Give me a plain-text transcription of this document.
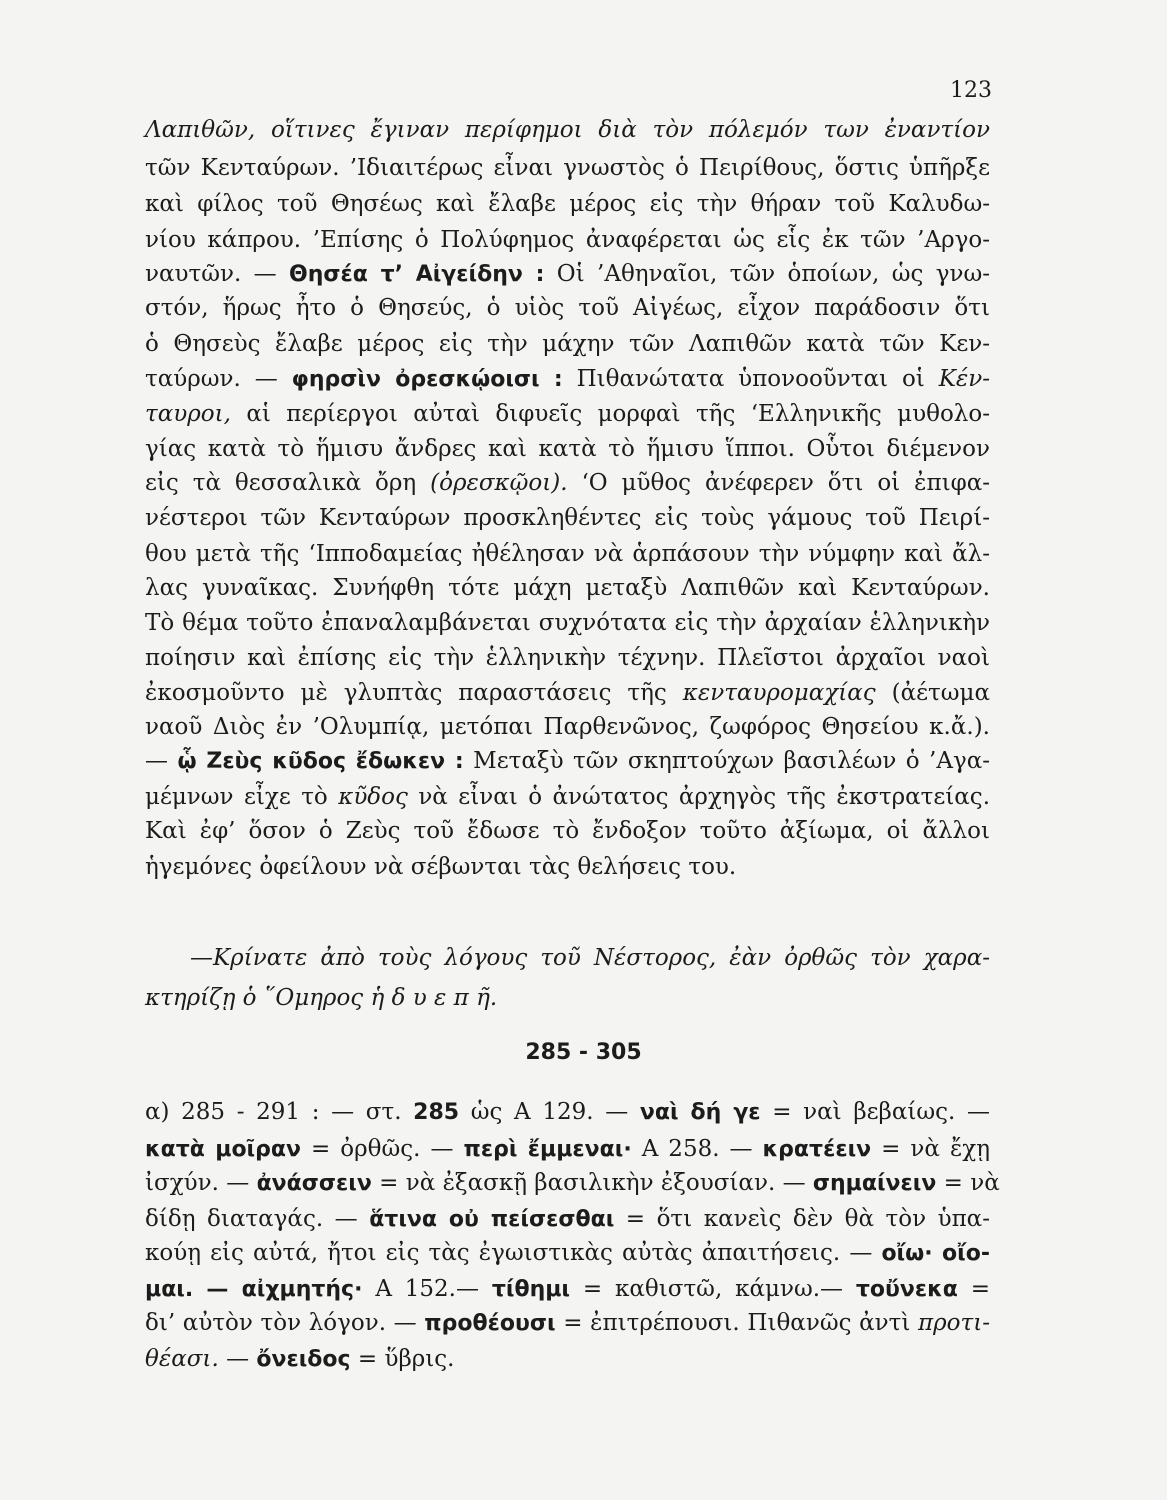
123
Λαπιθῶν, οἵτινες ἔγιναν περίφημοι διὰ τὸν πόλεμόν των ἐναντίον
τῶν Κενταύρων. ’Ιδιαιτέρως εἶναι γνωστὸς ὁ Πειρίθους, ὅστις ὑπῆρξε
καὶ φίλος τοῦ Θησέως καὶ ἔλαβε μέρος εἰς τὴν θήραν τοῦ Καλυδω-
νίου κάπρου. ’Επίσης ὁ Πολύφημος ἀναφέρεται ὡς εἷς ἐκ τῶν ’Αργο-
ναυτῶν. — Θησέα τ’ Αἰγείδην : Οἱ ’Αθηναῖοι, τῶν ὁποίων, ὡς γνω-
στόν, ἥρως ἦτο ὁ Θησεύς, ὁ υἱὸς τοῦ Αἰγέως, εἶχον παράδοσιν ὅτι
ὁ Θησεὺς ἔλαβε μέρος εἰς τὴν μάχην τῶν Λαπιθῶν κατὰ τῶν Κεν-
ταύρων. — φηρσὶν ὀρεσκῴοισι : Πιθανώτατα ὑπονοοῦνται οἱ Κέν-
ταυροι, αἱ περίεργοι αὐταὶ διφυεῖς μορφαὶ τῆς ‘Ελληνικῆς μυθολο-
γίας κατὰ τὸ ἥμισυ ἄνδρες καὶ κατὰ τὸ ἥμισυ ἵπποι. Οὗτοι διέμενον
εἰς τὰ θεσσαλικὰ ὄρη (ὀρεσκῷοι). ‘Ο μῦθος ἀνέφερεν ὅτι οἱ ἐπιφα-
νέστεροι τῶν Κενταύρων προσκληθέντες εἰς τοὺς γάμους τοῦ Πειρί-
θου μετὰ τῆς ‘Ιπποδαμείας ἠθέλησαν νὰ ἁρπάσουν τὴν νύμφην καὶ ἄλ-
λας γυναῖκας. Συνήφθη τότε μάχη μεταξὺ Λαπιθῶν καὶ Κενταύρων.
Τὸ θέμα τοῦτο ἐπαναλαμβάνεται συχνότατα εἰς τὴν ἀρχαίαν ἑλληνικὴν
ποίησιν καὶ ἐπίσης εἰς τὴν ἑλληνικὴν τέχνην. Πλεῖστοι ἀρχαῖοι ναοὶ
ἐκοσμοῦντο μὲ γλυπτὰς παραστάσεις τῆς κενταυρομαχίας (ἀέτωμα
ναοῦ Διὸς ἐν ’Ολυμπίᾳ, μετόπαι Παρθενῶνος, ζωφόρος Θησείου κ.ἄ.).
— ᾧ Ζεὺς κῦδος ἔδωκεν : Μεταξὺ τῶν σκηπτούχων βασιλέων ὁ ’Αγα-
μέμνων εἶχε τὸ κῦδος νὰ εἶναι ὁ ἀνώτατος ἀρχηγὸς τῆς ἐκστρατείας.
Καὶ ἐφ’ ὅσον ὁ Ζεὺς τοῦ ἔδωσε τὸ ἔνδοξον τοῦτο ἀξίωμα, οἱ ἄλλοι
ἡγεμόνες ὀφείλουν νὰ σέβωνται τὰς θελήσεις του.
—Κρίνατε ἀπὸ τοὺς λόγους τοῦ Νέστορος, ἐὰν ὀρθῶς τὸν χαρα-
κτηρίζῃ ὁ ῞Ομηρος ἡ δ υ ε π ῆ.
285 - 305
α) 285 - 291 : — στ. 285 ὡς Α 129. — ναὶ δή γε = ναὶ βεβαίως. —
κατὰ μοῖραν = ὀρθῶς. — περὶ ἔμμεναι· Α 258. — κρατέειν = νὰ ἔχῃ
ἰσχύν. — ἀνάσσειν = νὰ ἐξασκῇ βασιλικὴν ἐξουσίαν. — σημαίνειν = νὰ
δίδῃ διαταγάς. — ἅτινα οὐ πείσεσθαι = ὅτι κανεὶς δὲν θὰ τὸν ὑπα-
κούῃ εἰς αὐτά, ἤτοι εἰς τὰς ἐγωιστικὰς αὐτὰς ἀπαιτήσεις. — οἴω· οἴο-
μαι. — αἰχμητής· Α 152.— τίθημι = καθιστῶ, κάμνω.— τοὔνεκα =
δι’ αὐτὸν τὸν λόγον. — προθέουσι = ἐπιτρέπουσι. Πιθανῶς ἀντὶ προτι-
θέασι. — ὄνειδος = ὕβρις.
